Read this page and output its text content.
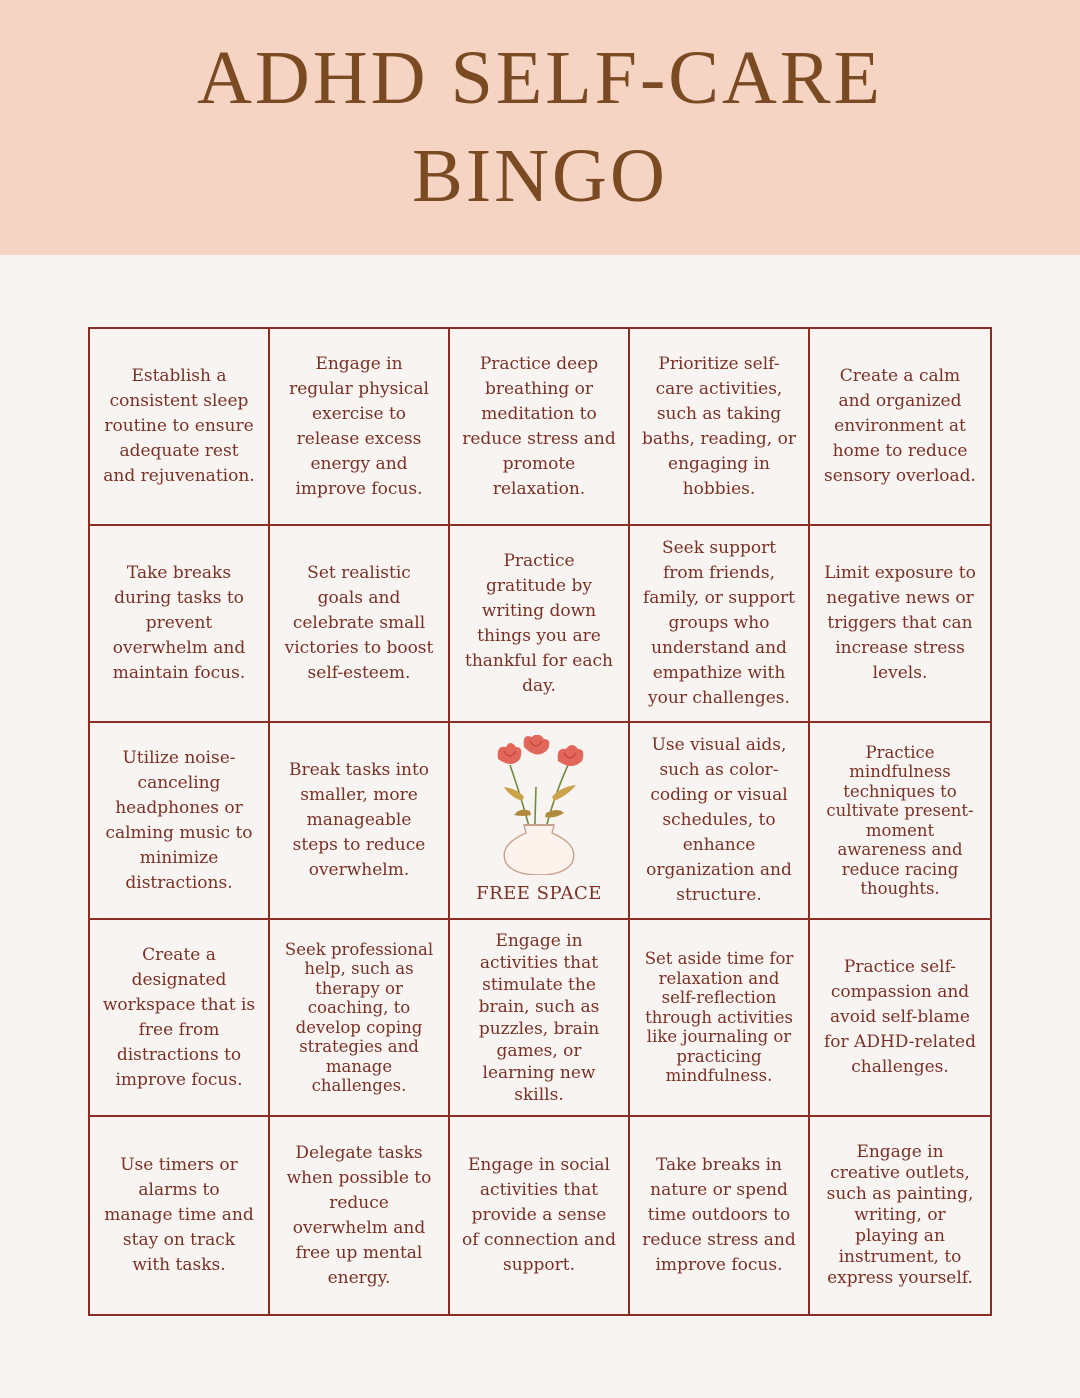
ADHD SELF-CARE
BINGO
Establish a consistent sleep routine to ensure adequate rest and rejuvenation.
Engage in regular physical exercise to release excess energy and improve focus.
Practice deep breathing or meditation to reduce stress and promote relaxation.
Prioritize self-care activities, such as taking baths, reading, or engaging in hobbies.
Create a calm and organized environment at home to reduce sensory overload.
Take breaks during tasks to prevent overwhelm and maintain focus.
Set realistic goals and celebrate small victories to boost self-esteem.
Practice gratitude by writing down things you are thankful for each day.
Seek support from friends, family, or support groups who understand and empathize with your challenges.
Limit exposure to negative news or triggers that can increase stress levels.
Utilize noise-canceling headphones or calming music to minimize distractions.
Break tasks into smaller, more manageable steps to reduce overwhelm.
FREE SPACE
Use visual aids, such as color-coding or visual schedules, to enhance organization and structure.
Practice mindfulness techniques to cultivate present-moment awareness and reduce racing thoughts.
Create a designated workspace that is free from distractions to improve focus.
Seek professional help, such as therapy or coaching, to develop coping strategies and manage challenges.
Engage in activities that stimulate the brain, such as puzzles, brain games, or learning new skills.
Set aside time for relaxation and self-reflection through activities like journaling or practicing mindfulness.
Practice self-compassion and avoid self-blame for ADHD-related challenges.
Use timers or alarms to manage time and stay on track with tasks.
Delegate tasks when possible to reduce overwhelm and free up mental energy.
Engage in social activities that provide a sense of connection and support.
Take breaks in nature or spend time outdoors to reduce stress and improve focus.
Engage in creative outlets, such as painting, writing, or playing an instrument, to express yourself.
